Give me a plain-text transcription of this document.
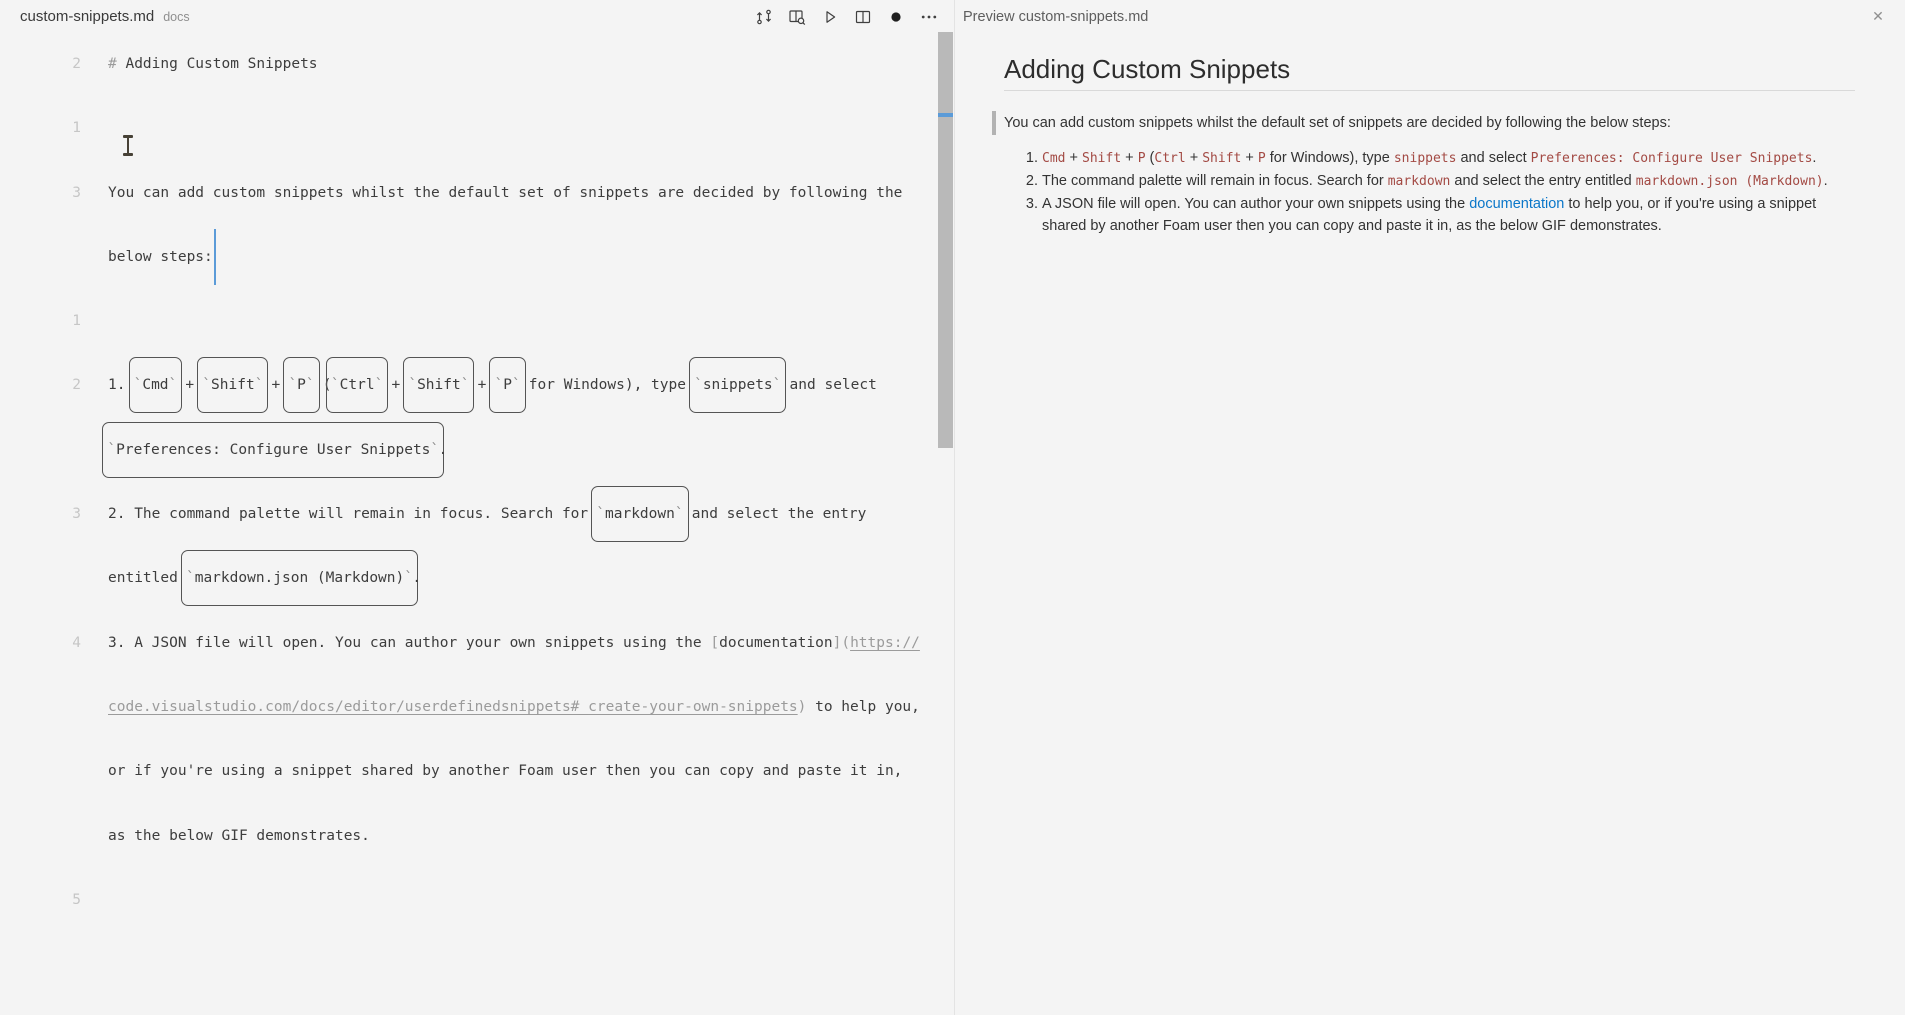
custom-snippets.md docs	Preview custom-snippets.md	✕
2 # Adding Custom Snippets
1
3 You can add custom snippets whilst the default set of snippets are decided by following the
below steps:
1
2 1. `Cmd` + `Shift` + `P` (`Ctrl` + `Shift` + `P` for Windows), type `snippets` and select
`Preferences: Configure User Snippets`.
3 2. The command palette will remain in focus. Search for `markdown` and select the entry
entitled `markdown.json (Markdown)`.
4 3. A JSON file will open. You can author your own snippets using the [documentation](https://
code.visualstudio.com/docs/editor/userdefinedsnippets#_create-your-own-snippets) to help you,
or if you're using a snippet shared by another Foam user then you can copy and paste it in,
as the below GIF demonstrates.
5
Adding Custom Snippets

You can add custom snippets whilst the default set of snippets are decided by following the below steps:

1. Cmd + Shift + P (Ctrl + Shift + P for Windows), type snippets and select Preferences: Configure User Snippets.
2. The command palette will remain in focus. Search for markdown and select the entry entitled markdown.json (Markdown).
3. A JSON file will open. You can author your own snippets using the documentation to help you, or if you're using a snippet shared by another Foam user then you can copy and paste it in, as the below GIF demonstrates.
